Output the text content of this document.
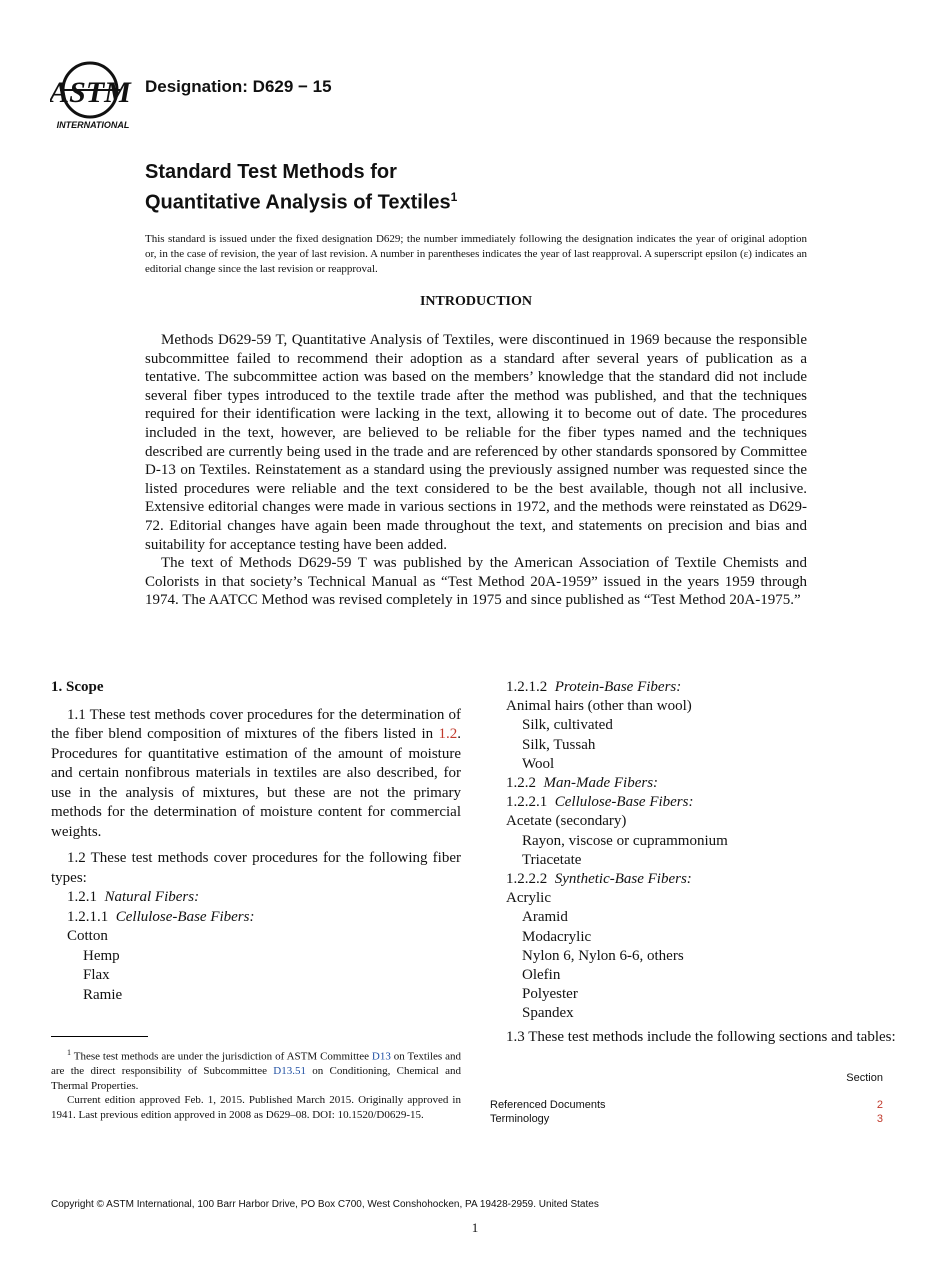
ASTM
INTERNATIONAL
Designation: D629 − 15
Standard Test Methods for
Quantitative Analysis of Textiles$^1$
This standard is issued under the fixed designation D629; the number immediately following the designation indicates the year of original adoption or, in the case of revision, the year of last revision. A number in parentheses indicates the year of last reapproval. A superscript epsilon (ε) indicates an editorial change since the last revision or reapproval.
INTRODUCTION

Methods D629-59 T, Quantitative Analysis of Textiles, were discontinued in 1969 because the responsible subcommittee failed to recommend their adoption as a standard after several years of publication as a tentative. The subcommittee action was based on the members’ knowledge that the standard did not include several fiber types introduced to the textile trade after the method was published, and that the techniques required for their identification were lacking in the text, allowing it to become out of date. The procedures included in the text, however, are believed to be reliable for the fiber types named and the techniques described are currently being used in the trade and are referenced by other standards sponsored by Committee D-13 on Textiles. Reinstatement as a standard using the previously assigned number was requested since the listed procedures were reliable and the text considered to be the best available, though not all inclusive. Extensive editorial changes were made in various sections in 1972, and the methods were reinstated as D629-72. Editorial changes have again been made throughout the text, and statements on precision and bias and suitability for acceptance testing have been added.

The text of Methods D629-59 T was published by the American Association of Textile Chemists and Colorists in that society’s Technical Manual as “Test Method 20A-1959” issued in the years 1959 through 1974. The AATCC Method was revised completely in 1975 and since published as “Test Method 20A-1975.”

1. Scope

1.1 These test methods cover procedures for the determination of the fiber blend composition of mixtures of the fibers listed in 1.2. Procedures for quantitative estimation of the amount of moisture and certain nonfibrous materials in textiles are also described, for use in the analysis of mixtures, but these are not the primary methods for the determination of moisture content for commercial weights.

1.2 These test methods cover procedures for the following fiber types:

1.2.1 Natural Fibers:
1.2.1.1 Cellulose-Base Fibers:
Cotton
Hemp
Flax
Ramie

$^1$ These test methods are under the jurisdiction of ASTM Committee D13 on Textiles and are the direct responsibility of Subcommittee D13.51 on Conditioning, Chemical and Thermal Properties.

Current edition approved Feb. 1, 2015. Published March 2015. Originally approved in 1941. Last previous edition approved in 2008 as D629–08. DOI: 10.1520/D0629-15.

1.2.1.2 Protein-Base Fibers:
Animal hairs (other than wool)
Silk, cultivated
Silk, Tussah
Wool
1.2.2 Man-Made Fibers:
1.2.2.1 Cellulose-Base Fibers:
Acetate (secondary)
Rayon, viscose or cuprammonium
Triacetate
1.2.2.2 Synthetic-Base Fibers:
Acrylic
Aramid
Modacrylic
Nylon 6, Nylon 6-6, others
Olefin
Polyester
Spandex

1.3 These test methods include the following sections and tables:

Section
Referenced Documents	2
Terminology	3
Copyright © ASTM International, 100 Barr Harbor Drive, PO Box C700, West Conshohocken, PA 19428-2959. United States
1
